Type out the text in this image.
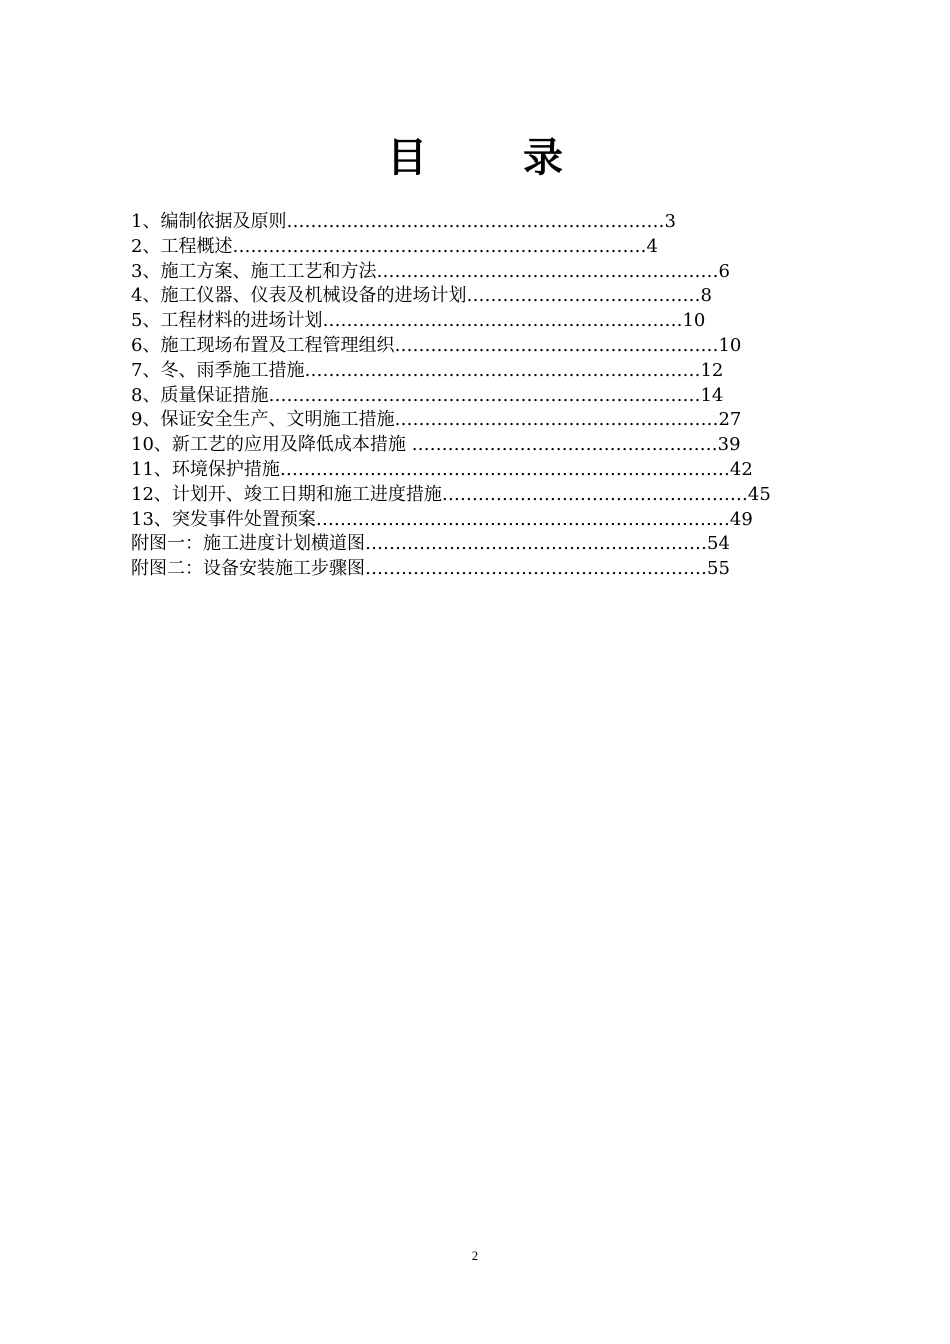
目 录
1、编制依据及原则………………………………………………………3
2、工程概述……………………………………………………………4
3、施工方案、施工工艺和方法…………………………………………………6
4、施工仪器、仪表及机械设备的进场计划…………………………………8
5、工程材料的进场计划……………………………………………………10
6、施工现场布置及工程管理组织………………………………………………10
7、冬、雨季施工措施…………………………………………………………12
8、质量保证措施………………………………………………………………14
9、保证安全生产、文明施工措施………………………………………………27
10、新工艺的应用及降低成本措施 ……………………………………………39
11、环境保护措施…………………………………………………………………42
12、计划开、竣工日期和施工进度措施……………………………………………45
13、突发事件处置预案……………………………………………………………49
附图一：施工进度计划横道图…………………………………………………54
附图二：设备安装施工步骤图…………………………………………………55
2
